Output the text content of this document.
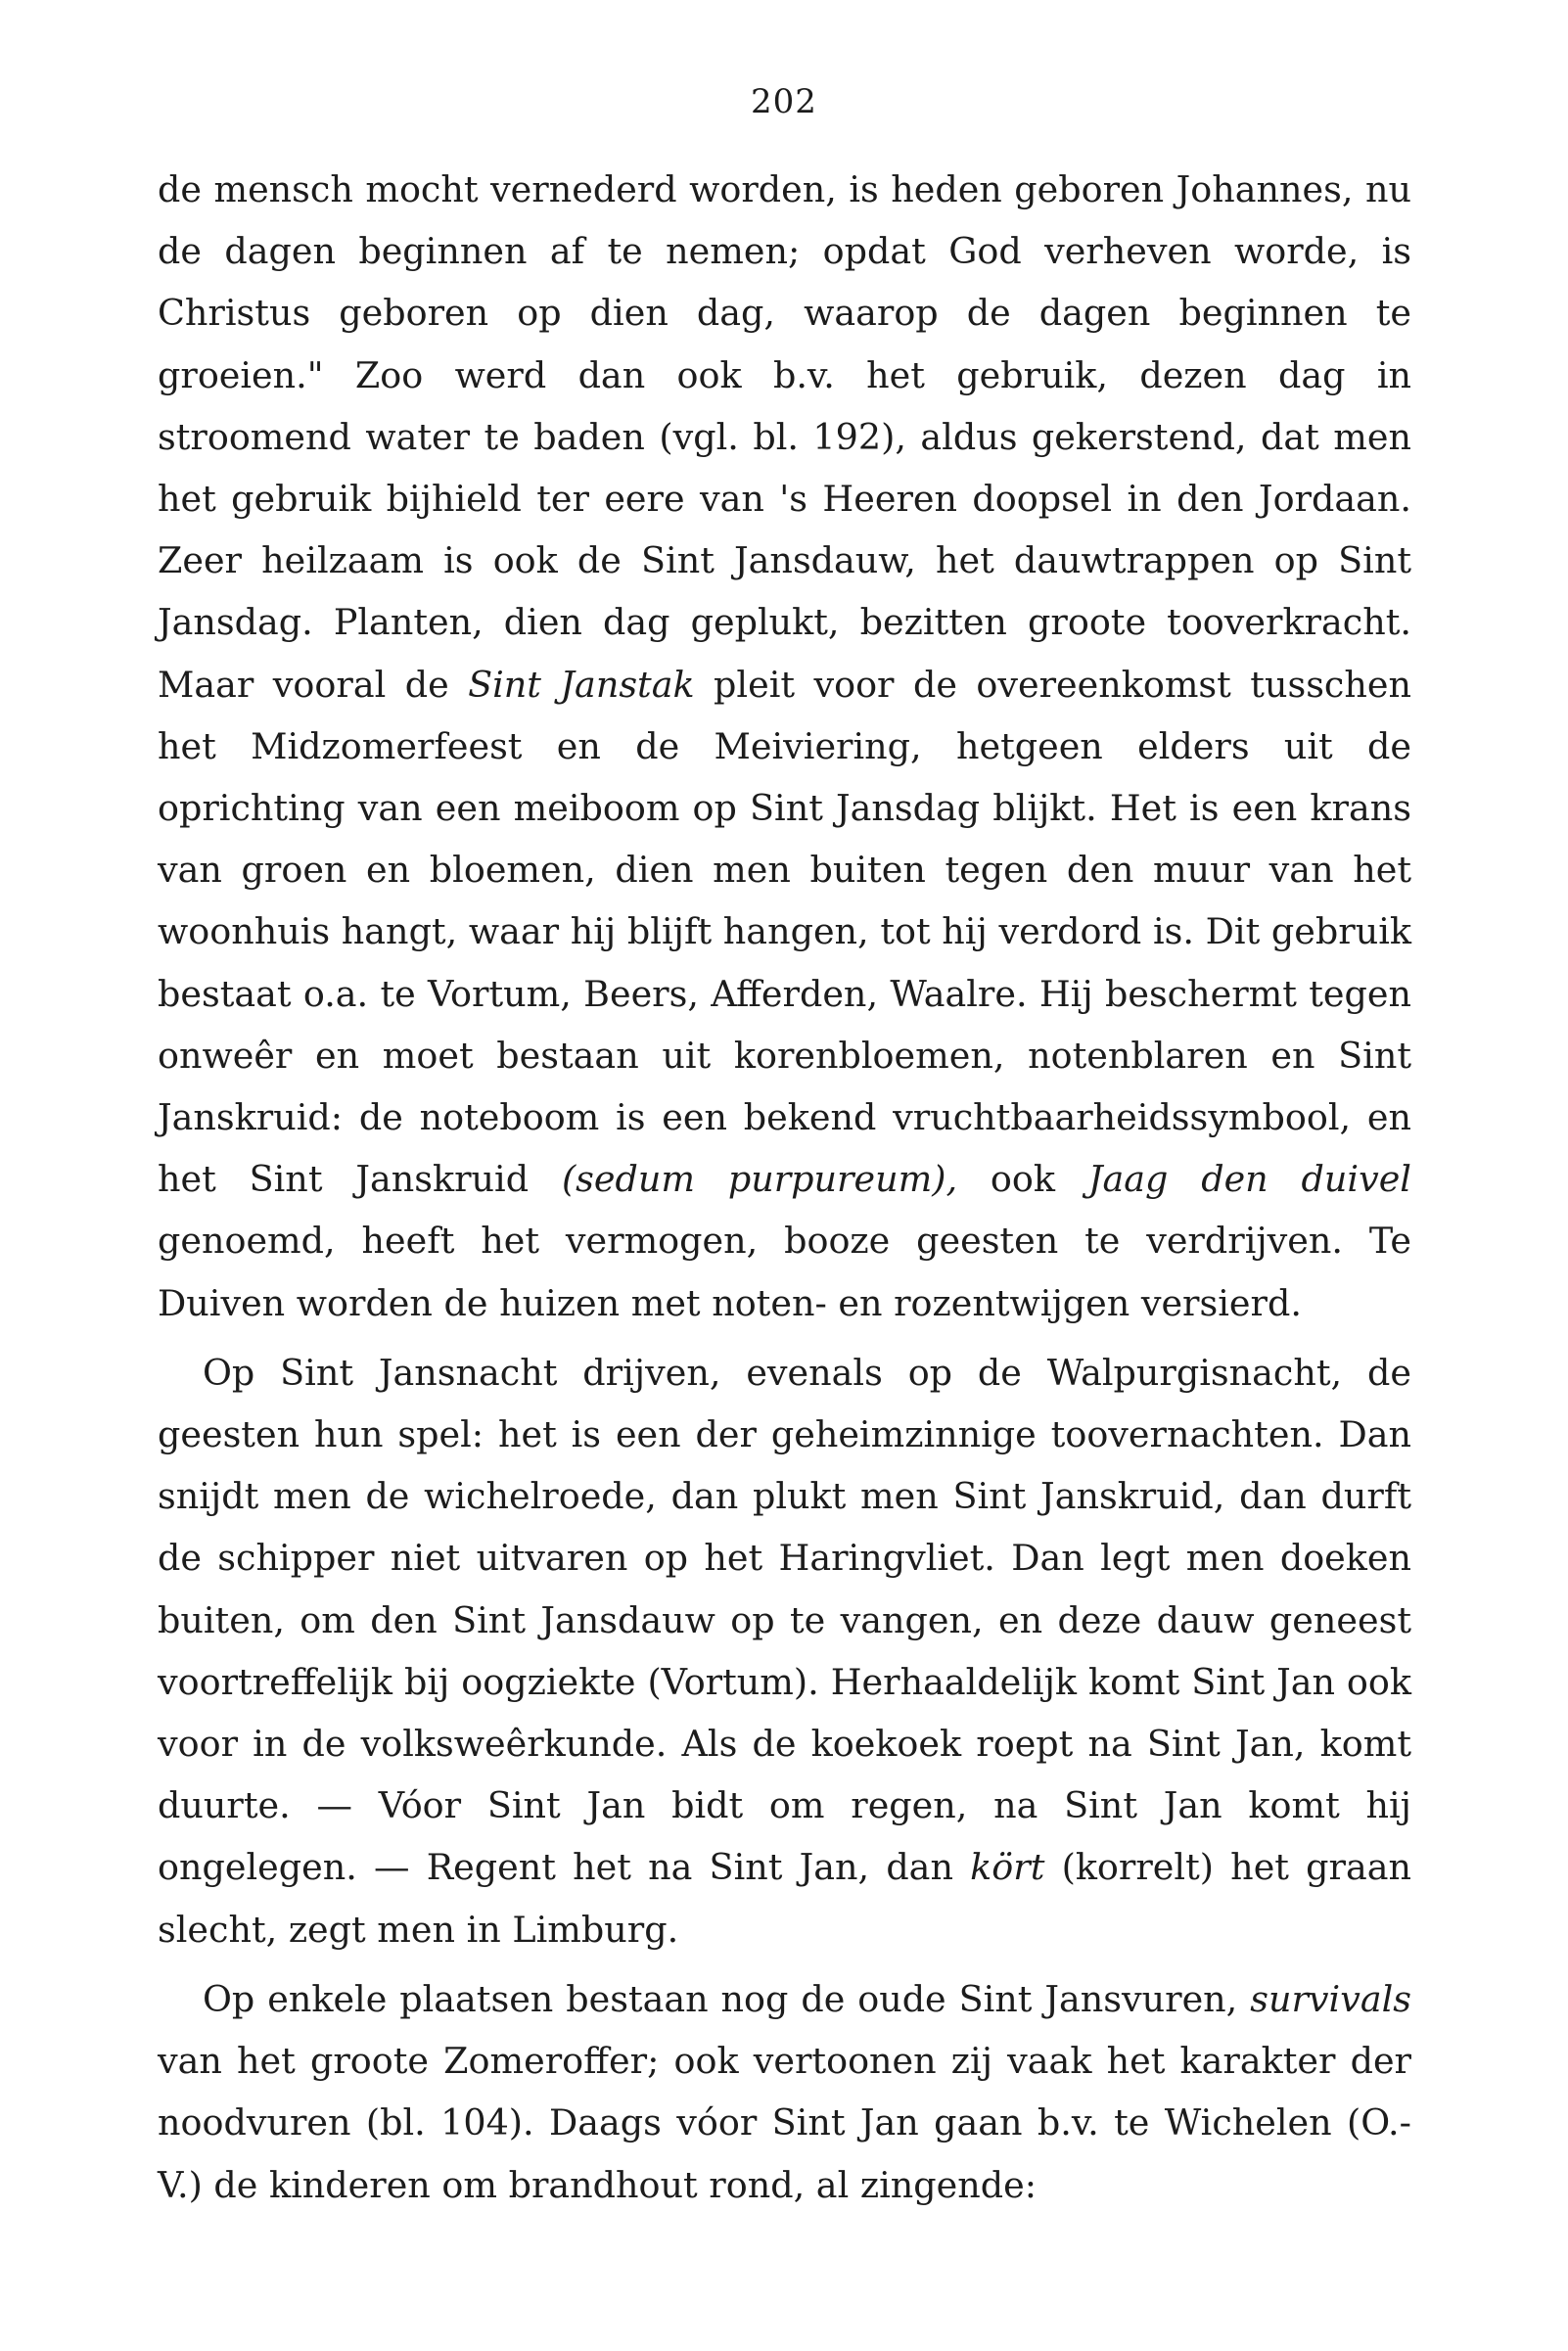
202

de mensch mocht vernederd worden, is heden geboren Johannes, nu de dagen beginnen af te nemen; opdat God verheven worde, is Christus geboren op dien dag, waarop de dagen beginnen te groeien." Zoo werd dan ook b.v. het gebruik, dezen dag in stroomend water te baden (vgl. bl. 192), aldus gekerstend, dat men het gebruik bijhield ter eere van 's Heeren doopsel in den Jordaan. Zeer heilzaam is ook de Sint Jansdauw, het dauwtrappen op Sint Jansdag. Planten, dien dag geplukt, bezitten groote tooverkracht. Maar vooral de Sint Janstak pleit voor de overeenkomst tusschen het Midzomerfeest en de Meiviering, hetgeen elders uit de oprichting van een meiboom op Sint Jansdag blijkt. Het is een krans van groen en bloemen, dien men buiten tegen den muur van het woonhuis hangt, waar hij blijft hangen, tot hij verdord is. Dit gebruik bestaat o.a. te Vortum, Beers, Afferden, Waalre. Hij beschermt tegen onweêr en moet bestaan uit korenbloemen, notenblaren en Sint Janskruid: de noteboom is een bekend vruchtbaarheidssymbool, en het Sint Janskruid (sedum purpureum), ook Jaag den duivel genoemd, heeft het vermogen, booze geesten te verdrijven. Te Duiven worden de huizen met noten- en rozentwijgen versierd.

Op Sint Jansnacht drijven, evenals op de Walpurgisnacht, de geesten hun spel: het is een der geheimzinnige toovernachten. Dan snijdt men de wichelroede, dan plukt men Sint Janskruid, dan durft de schipper niet uitvaren op het Haringvliet. Dan legt men doeken buiten, om den Sint Jansdauw op te vangen, en deze dauw geneest voortreffelijk bij oogziekte (Vortum). Herhaaldelijk komt Sint Jan ook voor in de volksweêrkunde. Als de koekoek roept na Sint Jan, komt duurte. — Vóor Sint Jan bidt om regen, na Sint Jan komt hij ongelegen. — Regent het na Sint Jan, dan kört (korrelt) het graan slecht, zegt men in Limburg.

Op enkele plaatsen bestaan nog de oude Sint Jansvuren, survivals van het groote Zomeroffer; ook vertoonen zij vaak het karakter der noodvuren (bl. 104). Daags vóor Sint Jan gaan b.v. te Wichelen (O.-V.) de kinderen om brandhout rond, al zingende:
